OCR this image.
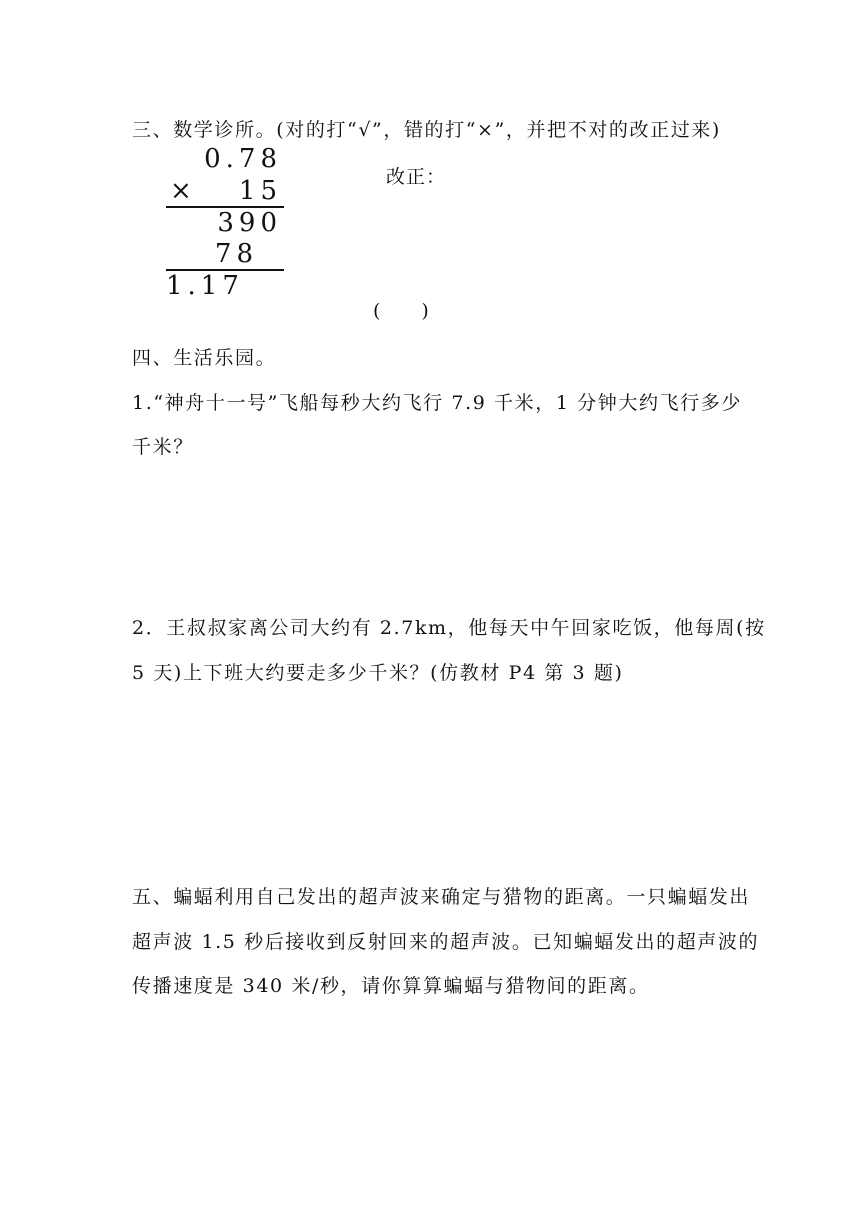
三、数学诊所。(对的打“√”，错的打“×”，并把不对的改正过来)
0.78
×	15
390
78
1.17
改正：
(　　)
四、生活乐园。
1.“神舟十一号”飞船每秒大约飞行 7.9 千米，1 分钟大约飞行多少
千米？
2．王叔叔家离公司大约有 2.7km，他每天中午回家吃饭，他每周(按
5 天)上下班大约要走多少千米？(仿教材 P4 第 3 题)
五、蝙蝠利用自己发出的超声波来确定与猎物的距离。一只蝙蝠发出
超声波 1.5 秒后接收到反射回来的超声波。已知蝙蝠发出的超声波的
传播速度是 340 米/秒，请你算算蝙蝠与猎物间的距离。
